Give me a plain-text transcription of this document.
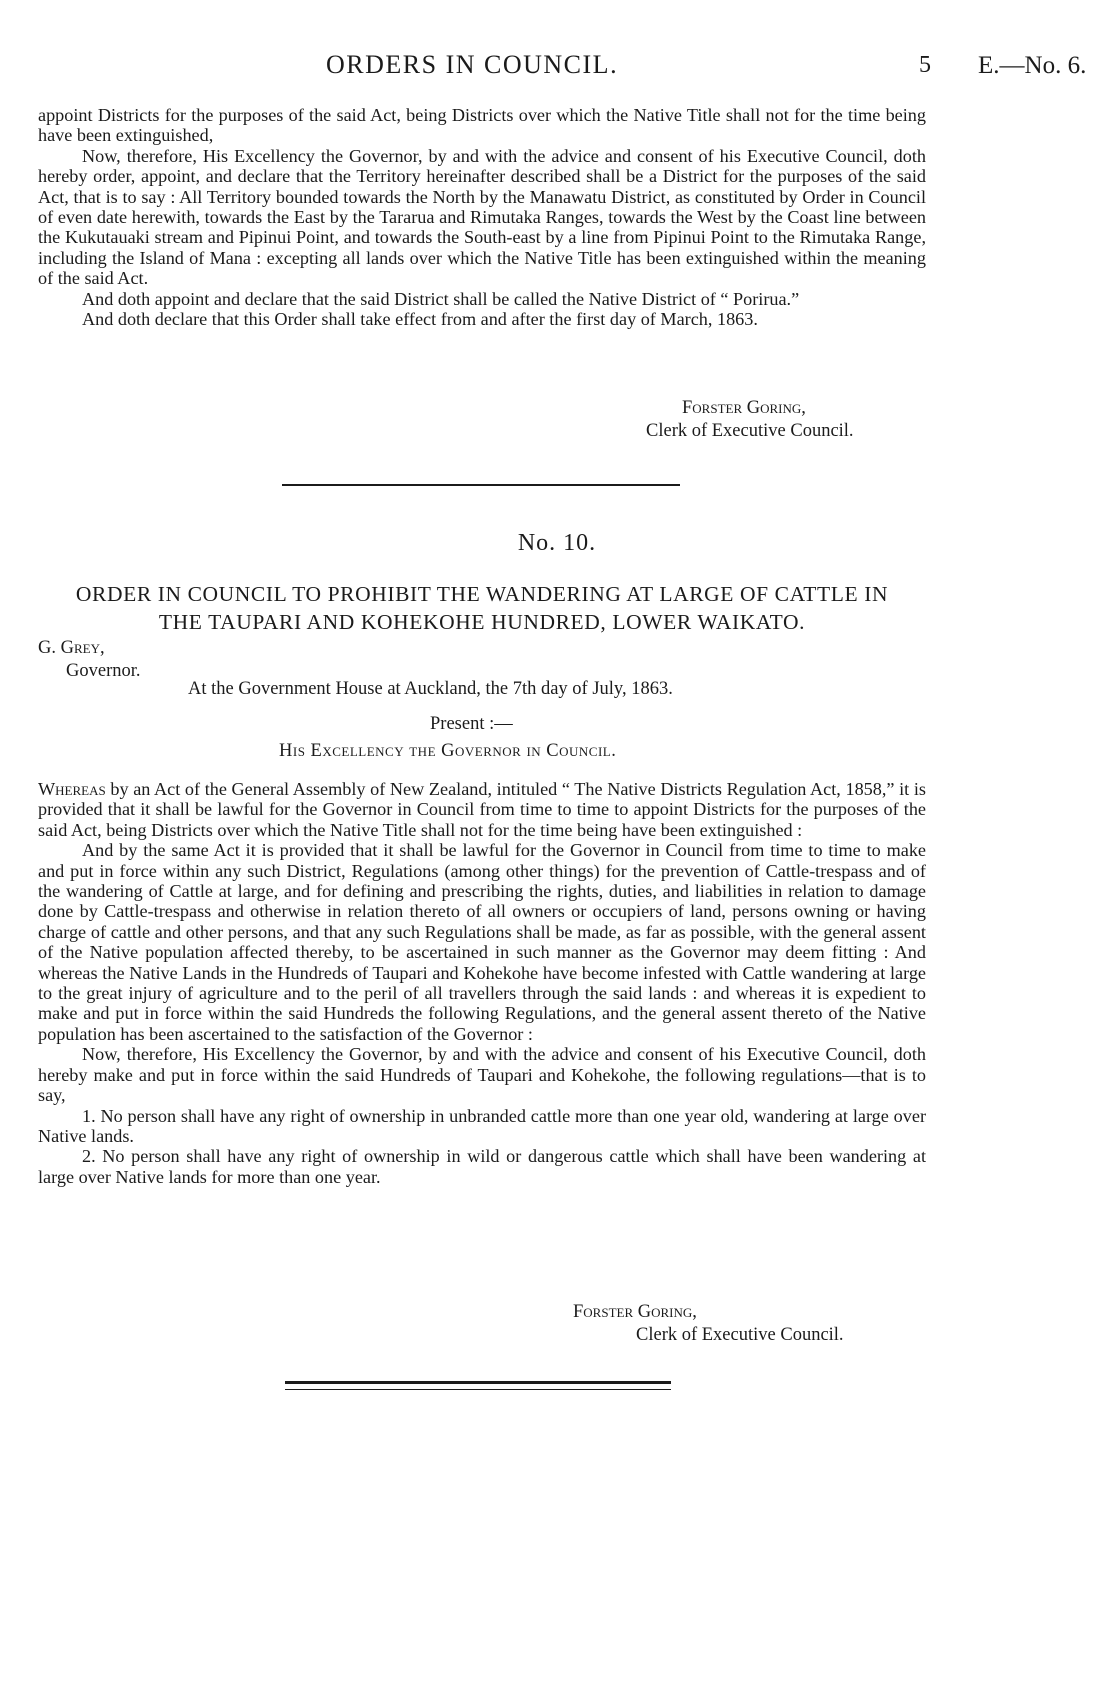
ORDERS IN COUNCIL.	5 E.—No. 6.

appoint Districts for the purposes of the said Act, being Districts over which the Native Title shall not for the time being have been extinguished,

Now, therefore, His Excellency the Governor, by and with the advice and consent of his Executive Council, doth hereby order, appoint, and declare that the Territory hereinafter described shall be a District for the purposes of the said Act, that is to say : All Territory bounded towards the North by the Manawatu District, as constituted by Order in Council of even date herewith, towards the East by the Tararua and Rimutaka Ranges, towards the West by the Coast line between the Kukutauaki stream and Pipinui Point, and towards the South-east by a line from Pipinui Point to the Rimutaka Range, including the Island of Mana : excepting all lands over which the Native Title has been extinguished within the meaning of the said Act.

And doth appoint and declare that the said District shall be called the Native District of “ Porirua.”

And doth declare that this Order shall take effect from and after the first day of March, 1863.

Forster Goring,
Clerk of Executive Council.
No. 10.
ORDER IN COUNCIL TO PROHIBIT THE WANDERING AT LARGE OF CATTLE IN
THE TAUPARI AND KOHEKOHE HUNDRED, LOWER WAIKATO.
G. Grey,
Governor.
At the Government House at Auckland, the 7th day of July, 1863.
Present :—
His Excellency the Governor in Council.

Whereas by an Act of the General Assembly of New Zealand, intituled “ The Native Districts Regulation Act, 1858,” it is provided that it shall be lawful for the Governor in Council from time to time to appoint Districts for the purposes of the said Act, being Districts over which the Native Title shall not for the time being have been extinguished :

And by the same Act it is provided that it shall be lawful for the Governor in Council from time to time to make and put in force within any such District, Regulations (among other things) for the prevention of Cattle-trespass and of the wandering of Cattle at large, and for defining and prescribing the rights, duties, and liabilities in relation to damage done by Cattle-trespass and otherwise in relation thereto of all owners or occupiers of land, persons owning or having charge of cattle and other persons, and that any such Regulations shall be made, as far as possible, with the general assent of the Native population affected thereby, to be ascertained in such manner as the Governor may deem fitting : And whereas the Native Lands in the Hundreds of Taupari and Kohekohe have become infested with Cattle wandering at large to the great injury of agriculture and to the peril of all travellers through the said lands : and whereas it is expedient to make and put in force within the said Hundreds the following Regulations, and the general assent thereto of the Native population has been ascertained to the satisfaction of the Governor :

Now, therefore, His Excellency the Governor, by and with the advice and consent of his Executive Council, doth hereby make and put in force within the said Hundreds of Taupari and Kohekohe, the following regulations—that is to say,

1. No person shall have any right of ownership in unbranded cattle more than one year old, wandering at large over Native lands.

2. No person shall have any right of ownership in wild or dangerous cattle which shall have been wandering at large over Native lands for more than one year.

Forster Goring,
Clerk of Executive Council.
